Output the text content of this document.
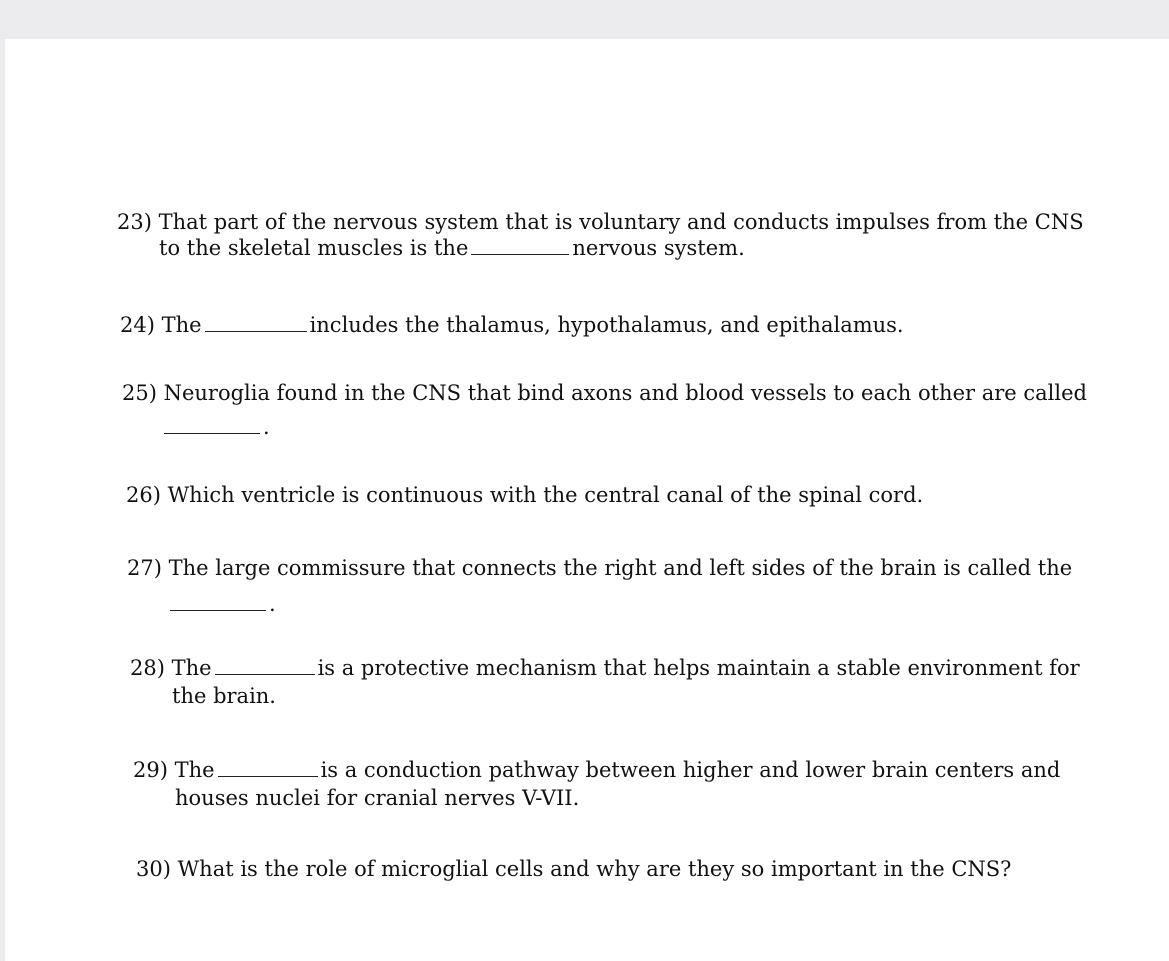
23) That part of the nervous system that is voluntary and conducts impulses from the CNS
to the skeletal muscles is the	nervous system.
24) The	includes the thalamus, hypothalamus, and epithalamus.
25) Neuroglia found in the CNS that bind axons and blood vessels to each other are called
.
26) Which ventricle is continuous with the central canal of the spinal cord.
27) The large commissure that connects the right and left sides of the brain is called the
.
28) The	is a protective mechanism that helps maintain a stable environment for
the brain.
29) The	is a conduction pathway between higher and lower brain centers and
houses nuclei for cranial nerves V-VII.
30) What is the role of microglial cells and why are they so important in the CNS?
